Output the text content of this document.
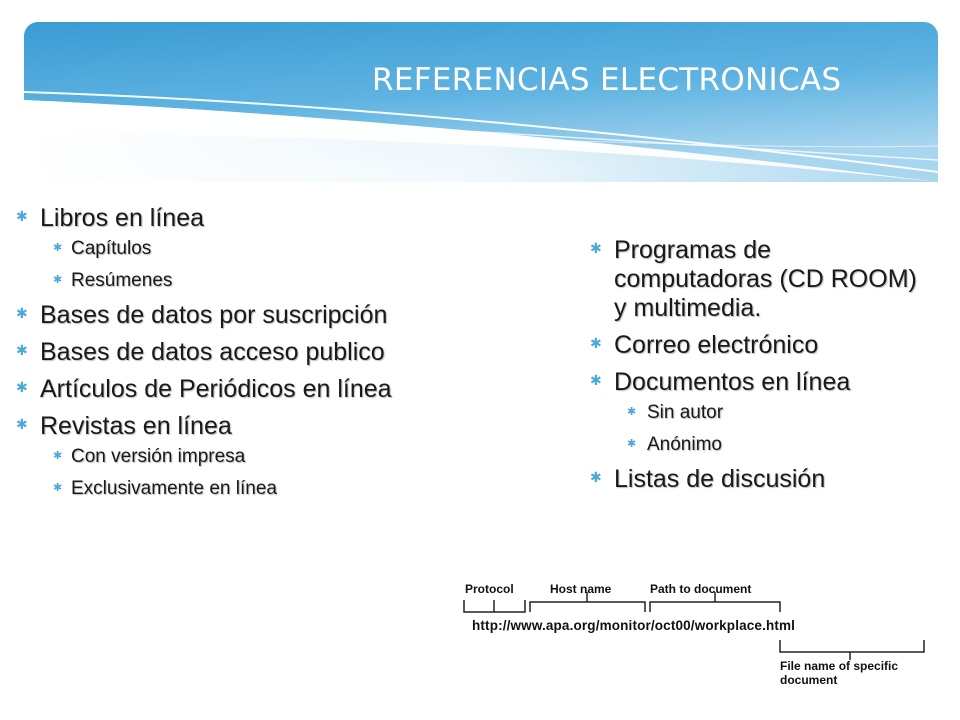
REFERENCIAS ELECTRONICAS
✱ Libros en línea
✱ Capítulos
✱ Resúmenes
✱ Bases de datos por suscripción
✱ Bases de datos acceso publico
✱ Artículos de Periódicos en línea
✱ Revistas en línea
✱ Con versión impresa
✱ Exclusivamente en línea
✱ Programas de computadoras (CD ROOM) y multimedia.
✱ Correo electrónico
✱ Documentos en línea
✱ Sin autor
✱ Anónimo
✱ Listas de discusión
Protocol	Host name	Path to document
http://www.apa.org/monitor/oct00/workplace.html
File name of specific
document
